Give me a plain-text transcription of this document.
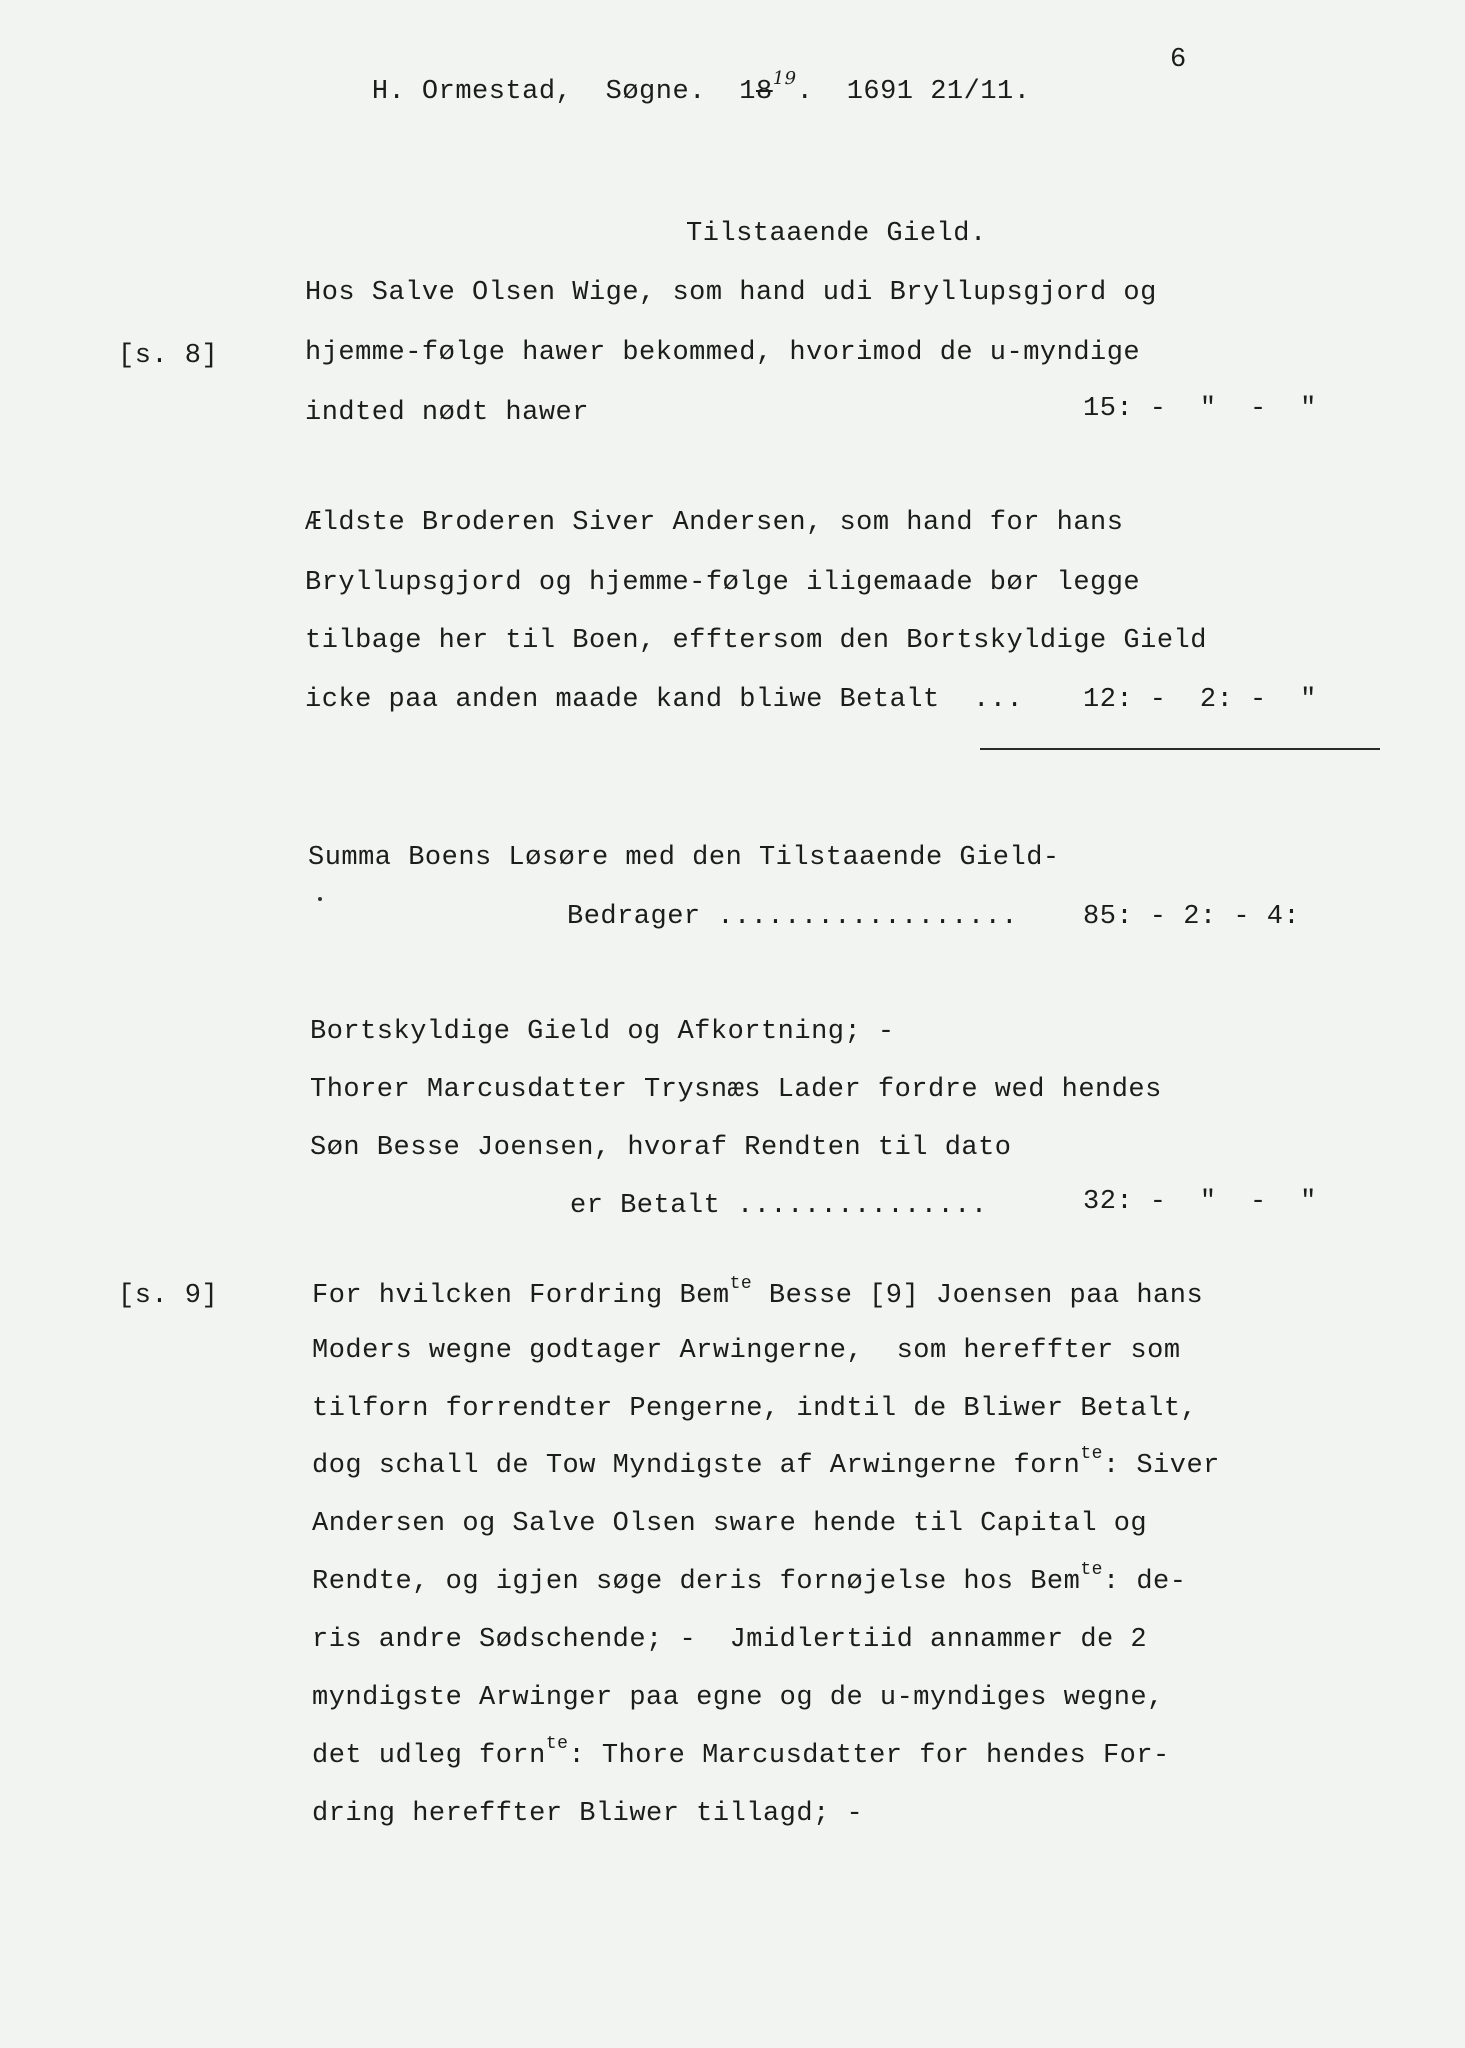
H. Ormestad,  Søgne.  $18^{19}$.  1691 21/11.

6
Tilstaaende Gield.
[s. 8]
[s. 9]
Hos Salve Olsen Wige, som hand udi Bryllupsgjord og
hjemme-følge hawer bekommed, hvorimod de u-myndige
indted nødt hawer	15: -  "  -  "
Ældste Broderen Siver Andersen, som hand for hans
Bryllupsgjord og hjemme-følge iligemaade bør legge
tilbage her til Boen, efftersom den Bortskyldige Gield
icke paa anden maade kand bliwe Betalt  ... 12: -  2: -  "
Summa Boens Løsøre med den Tilstaaende Gield-
Bedrager .................. 85: - 2: - 4:
Bortskyldige Gield og Afkortning; -
Thorer Marcusdatter Trysnæs Lader fordre wed hendes
Søn Besse Joensen, hvoraf Rendten til dato
er Betalt ...............	32: -  "  -  "
For hvilcken Fordring Bem$^{te}$ Besse [9] Joensen paa hans
Moders wegne godtager Arwingerne,  som hereffter som
tilforn forrendter Pengerne, indtil de Bliwer Betalt,
dog schall de Tow Myndigste af Arwingerne forn$^{te}$: Siver
Andersen og Salve Olsen sware hende til Capital og
Rendte, og igjen søge deris fornøjelse hos Bem$^{te}$: de-
ris andre Sødschende; -  Jmidlertiid annammer de 2
myndigste Arwinger paa egne og de u-myndiges wegne,
det udleg forn$^{te}$: Thore Marcusdatter for hendes For-
dring hereffter Bliwer tillagd; -
